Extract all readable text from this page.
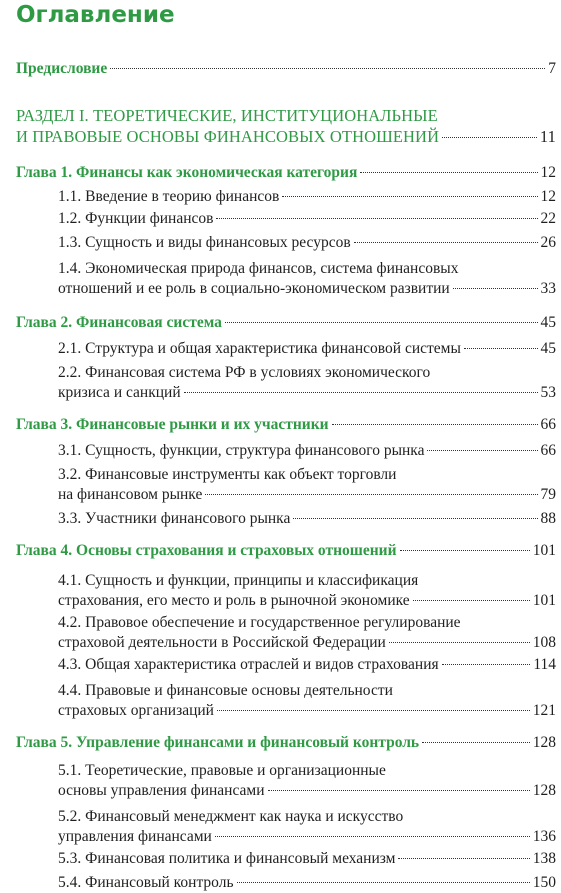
Оглавление
Предисловие	7
РАЗДЕЛ I. ТЕОРЕТИЧЕСКИЕ, ИНСТИТУЦИОНАЛЬНЫЕ
И ПРАВОВЫЕ ОСНОВЫ ФИНАНСОВЫХ ОТНОШЕНИЙ	11
Глава 1. Финансы как экономическая категория	12
1.1. Введение в теорию финансов	12
1.2. Функции финансов	22
1.3. Сущность и виды финансовых ресурсов	26
1.4. Экономическая природа финансов, система финансовых
отношений и ее роль в социально-экономическом развитии	33
Глава 2. Финансовая система	45
2.1. Структура и общая характеристика финансовой системы	45
2.2. Финансовая система РФ в условиях экономического
кризиса и санкций	53
Глава 3. Финансовые рынки и их участники	66
3.1. Сущность, функции, структура финансового рынка	66
3.2. Финансовые инструменты как объект торговли
на финансовом рынке	79
3.3. Участники финансового рынка	88
Глава 4. Основы страхования и страховых отношений	101
4.1. Сущность и функции, принципы и классификация
страхования, его место и роль в рыночной экономике	101
4.2. Правовое обеспечение и государственное регулирование
страховой деятельности в Российской Федерации	108
4.3. Общая характеристика отраслей и видов страхования	114
4.4. Правовые и финансовые основы деятельности
страховых организаций	121
Глава 5. Управление финансами и финансовый контроль	128
5.1. Теоретические, правовые и организационные
основы управления финансами	128
5.2. Финансовый менеджмент как наука и искусство
управления финансами	136
5.3. Финансовая политика и финансовый механизм	138
5.4. Финансовый контроль	150
